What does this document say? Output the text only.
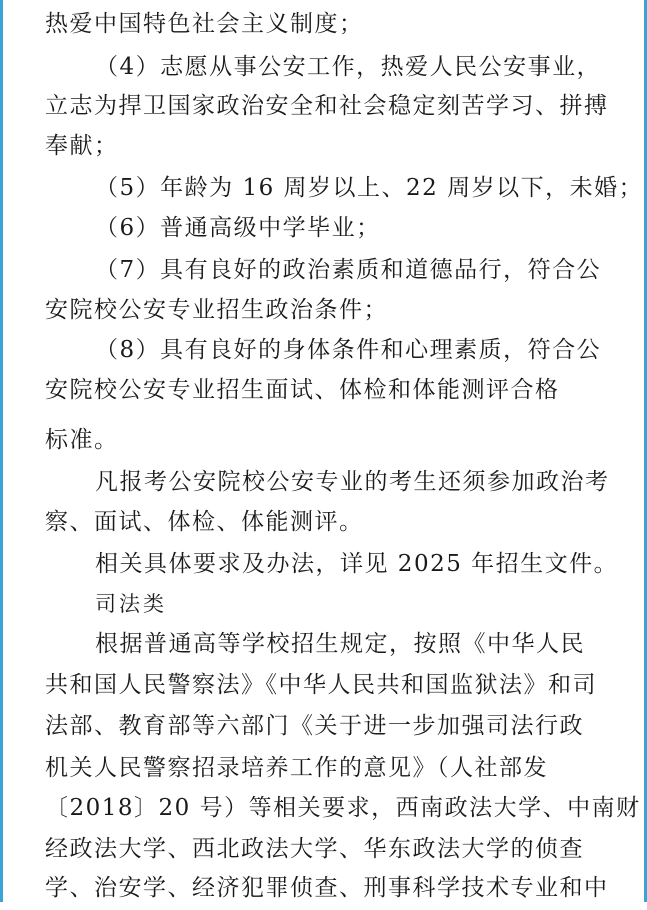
热爱中国特色社会主义制度；
（4）志愿从事公安工作，热爱人民公安事业，
立志为捍卫国家政治安全和社会稳定刻苦学习、拼搏
奉献；
（5）年龄为 16 周岁以上、22 周岁以下，未婚；
（6）普通高级中学毕业；
（7）具有良好的政治素质和道德品行，符合公
安院校公安专业招生政治条件；
（8）具有良好的身体条件和心理素质，符合公
安院校公安专业招生面试、体检和体能测评合格
标准。
凡报考公安院校公安专业的考生还须参加政治考
察、面试、体检、体能测评。
相关具体要求及办法，详见 2025 年招生文件。
司法类
根据普通高等学校招生规定，按照《中华人民
共和国人民警察法》《中华人民共和国监狱法》和司
法部、教育部等六部门《关于进一步加强司法行政
机关人民警察招录培养工作的意见》（人社部发
〔2018〕20 号）等相关要求，西南政法大学、中南财
经政法大学、西北政法大学、华东政法大学的侦查
学、治安学、经济犯罪侦查、刑事科学技术专业和中
